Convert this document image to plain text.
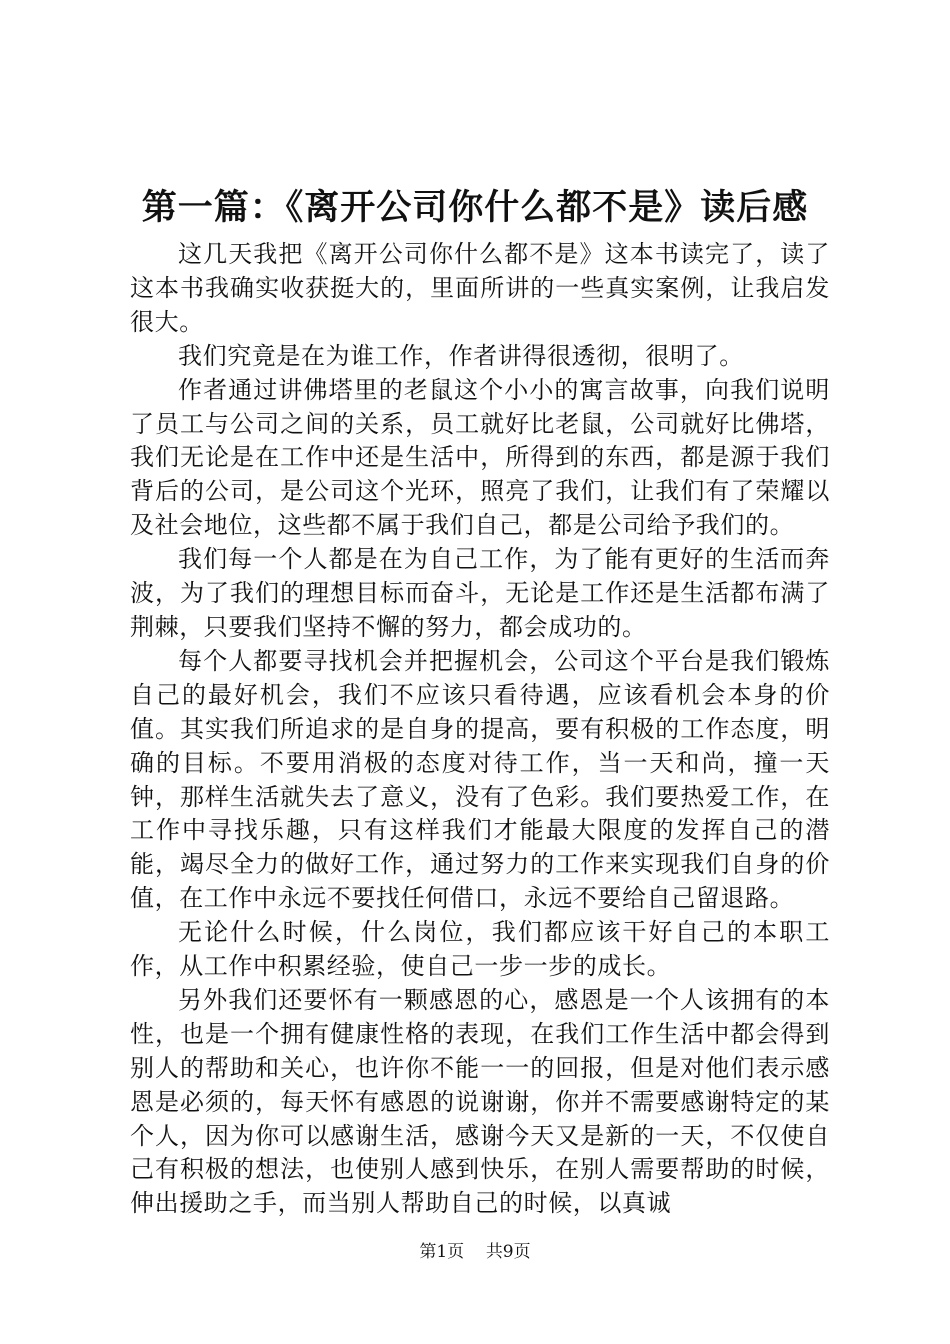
第一篇：《离开公司你什么都不是》读后感

这几天我把《离开公司你什么都不是》这本书读完了，读了这本书我确实收获挺大的，里面所讲的一些真实案例，让我启发很大。

我们究竟是在为谁工作，作者讲得很透彻，很明了。

作者通过讲佛塔里的老鼠这个小小的寓言故事，向我们说明了员工与公司之间的关系，员工就好比老鼠，公司就好比佛塔，我们无论是在工作中还是生活中，所得到的东西，都是源于我们背后的公司，是公司这个光环，照亮了我们，让我们有了荣耀以及社会地位，这些都不属于我们自己，都是公司给予我们的。

我们每一个人都是在为自己工作，为了能有更好的生活而奔波，为了我们的理想目标而奋斗，无论是工作还是生活都布满了荆棘，只要我们坚持不懈的努力，都会成功的。

每个人都要寻找机会并把握机会，公司这个平台是我们锻炼自己的最好机会，我们不应该只看待遇，应该看机会本身的价值。其实我们所追求的是自身的提高，要有积极的工作态度，明确的目标。不要用消极的态度对待工作，当一天和尚，撞一天钟，那样生活就失去了意义，没有了色彩。我们要热爱工作，在工作中寻找乐趣，只有这样我们才能最大限度的发挥自己的潜能，竭尽全力的做好工作，通过努力的工作来实现我们自身的价值，在工作中永远不要找任何借口，永远不要给自己留退路。

无论什么时候，什么岗位，我们都应该干好自己的本职工作，从工作中积累经验，使自己一步一步的成长。

另外我们还要怀有一颗感恩的心，感恩是一个人该拥有的本性，也是一个拥有健康性格的表现，在我们工作生活中都会得到别人的帮助和关心，也许你不能一一的回报，但是对他们表示感恩是必须的，每天怀有感恩的说谢谢，你并不需要感谢特定的某个人，因为你可以感谢生活，感谢今天又是新的一天，不仅使自己有积极的想法，也使别人感到快乐，在别人需要帮助的时候，伸出援助之手，而当别人帮助自己的时候，以真诚

第1页 共9页
